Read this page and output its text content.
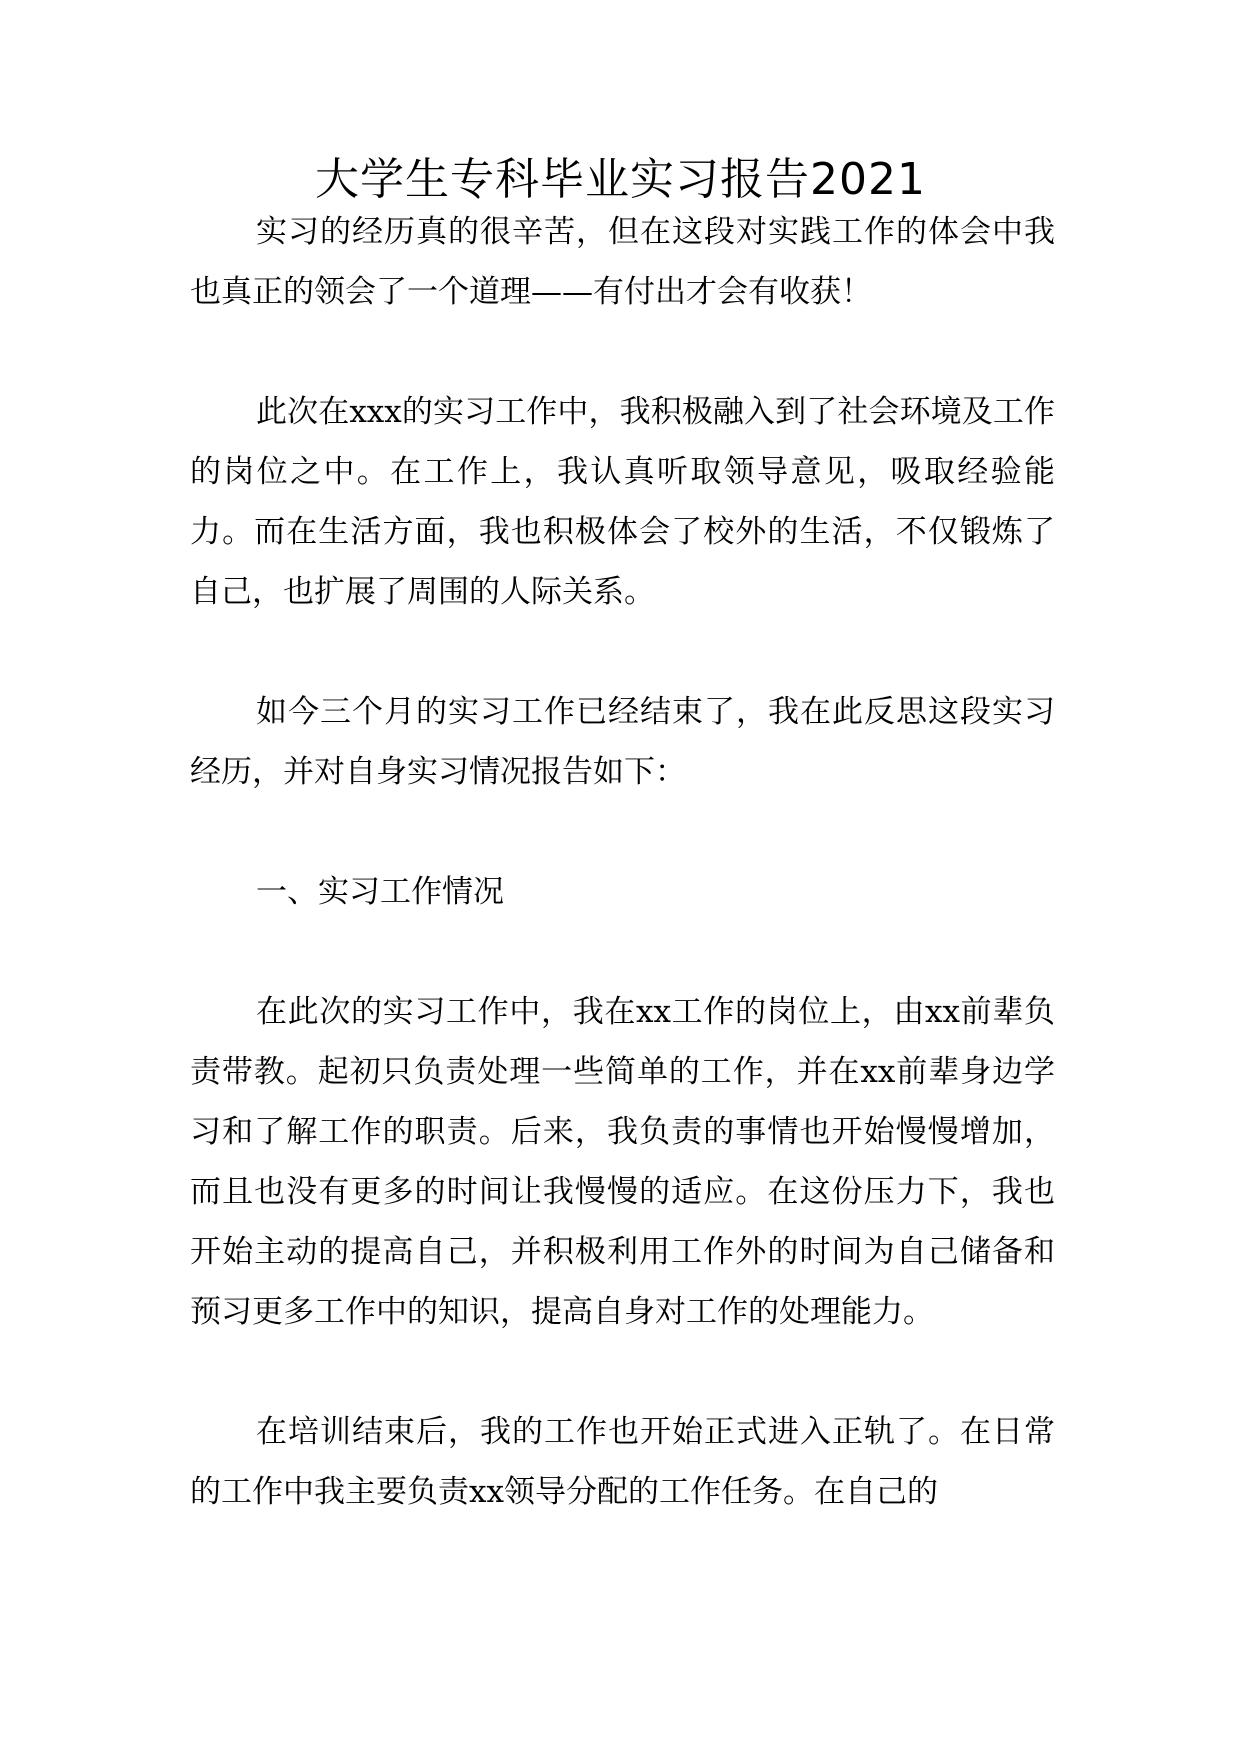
大学生专科毕业实习报告2021

实习的经历真的很辛苦，但在这段对实践工作的体会中我也真正的领会了一个道理——有付出才会有收获！

此次在xxx的实习工作中，我积极融入到了社会环境及工作的岗位之中。在工作上，我认真听取领导意见，吸取经验能力。而在生活方面，我也积极体会了校外的生活，不仅锻炼了自己，也扩展了周围的人际关系。

如今三个月的实习工作已经结束了，我在此反思这段实习经历，并对自身实习情况报告如下：

一、实习工作情况

在此次的实习工作中，我在xx工作的岗位上，由xx前辈负责带教。起初只负责处理一些简单的工作，并在xx前辈身边学习和了解工作的职责。后来，我负责的事情也开始慢慢增加，而且也没有更多的时间让我慢慢的适应。在这份压力下，我也开始主动的提高自己，并积极利用工作外的时间为自己储备和预习更多工作中的知识，提高自身对工作的处理能力。

在培训结束后，我的工作也开始正式进入正轨了。在日常的工作中我主要负责xx领导分配的工作任务。在自己的
